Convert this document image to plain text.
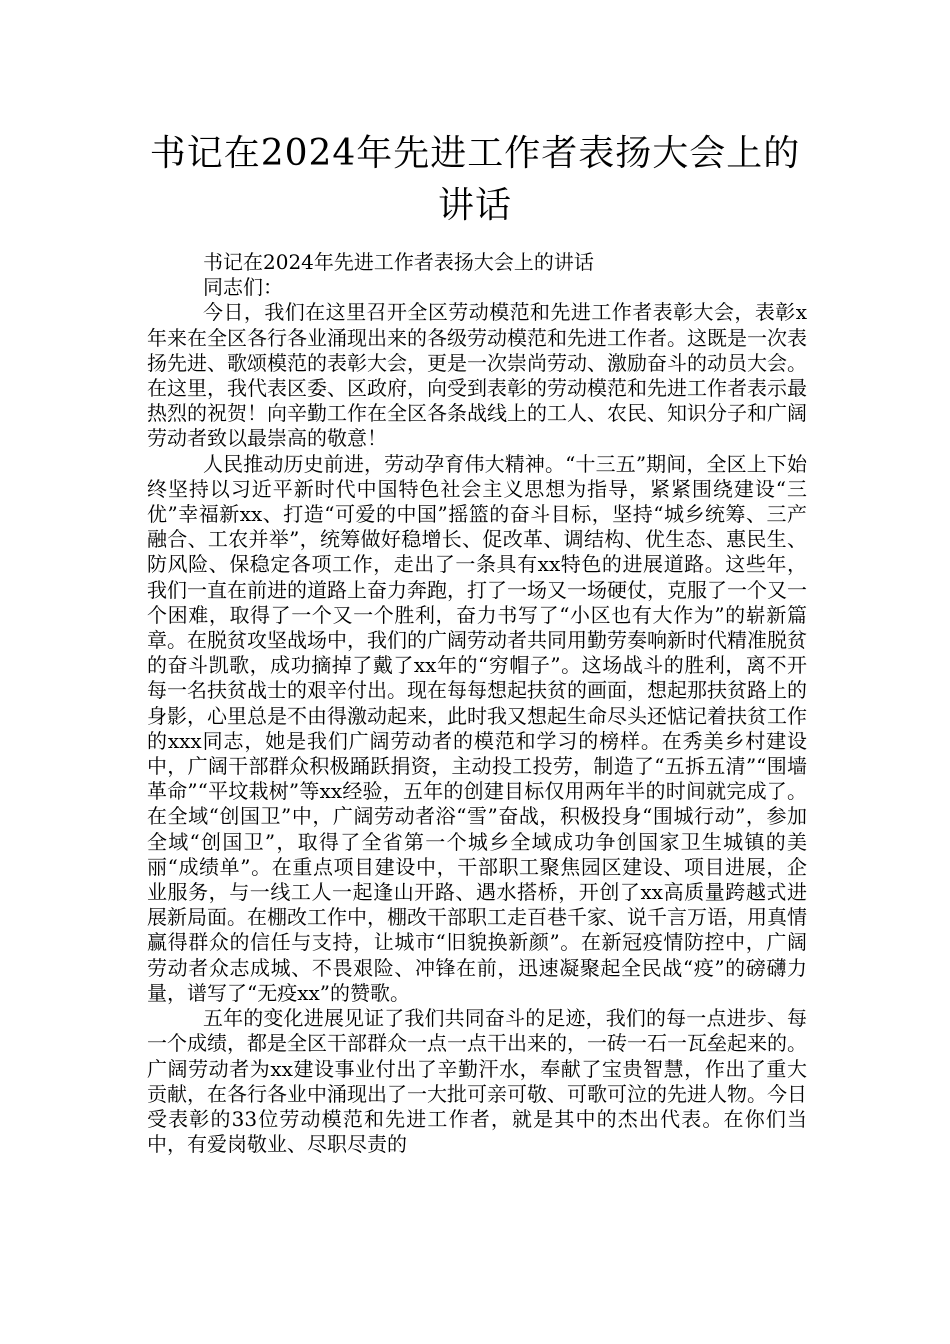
书记在2024年先进工作者表扬大会上的讲话

书记在2024年先进工作者表扬大会上的讲话

同志们：

今日，我们在这里召开全区劳动模范和先进工作者表彰大会，表彰x年来在全区各行各业涌现出来的各级劳动模范和先进工作者。这既是一次表扬先进、歌颂模范的表彰大会，更是一次崇尚劳动、激励奋斗的动员大会。在这里，我代表区委、区政府，向受到表彰的劳动模范和先进工作者表示最热烈的祝贺！向辛勤工作在全区各条战线上的工人、农民、知识分子和广阔劳动者致以最崇高的敬意！

人民推动历史前进，劳动孕育伟大精神。“十三五”期间，全区上下始终坚持以习近平新时代中国特色社会主义思想为指导，紧紧围绕建设“三优”幸福新xx、打造“可爱的中国”摇篮的奋斗目标，坚持“城乡统筹、三产融合、工农并举”，统筹做好稳增长、促改革、调结构、优生态、惠民生、防风险、保稳定各项工作，走出了一条具有xx特色的进展道路。这些年，我们一直在前进的道路上奋力奔跑，打了一场又一场硬仗，克服了一个又一个困难，取得了一个又一个胜利，奋力书写了“小区也有大作为”的崭新篇章。在脱贫攻坚战场中，我们的广阔劳动者共同用勤劳奏响新时代精准脱贫的奋斗凯歌，成功摘掉了戴了xx年的“穷帽子”。这场战斗的胜利，离不开每一名扶贫战士的艰辛付出。现在每每想起扶贫的画面，想起那扶贫路上的身影，心里总是不由得激动起来，此时我又想起生命尽头还惦记着扶贫工作的xxx同志，她是我们广阔劳动者的模范和学习的榜样。在秀美乡村建设中，广阔干部群众积极踊跃捐资，主动投工投劳，制造了“五拆五清”“围墙革命”“平坟栽树”等xx经验，五年的创建目标仅用两年半的时间就完成了。在全域“创国卫”中，广阔劳动者浴“雪”奋战，积极投身“围城行动”，参加全域“创国卫”，取得了全省第一个城乡全域成功争创国家卫生城镇的美丽“成绩单”。在重点项目建设中，干部职工聚焦园区建设、项目进展，企业服务，与一线工人一起逢山开路、遇水搭桥，开创了xx高质量跨越式进展新局面。在棚改工作中，棚改干部职工走百巷千家、说千言万语，用真情赢得群众的信任与支持，让城市“旧貌换新颜”。在新冠疫情防控中，广阔劳动者众志成城、不畏艰险、冲锋在前，迅速凝聚起全民战“疫”的磅礴力量，谱写了“无疫xx”的赞歌。

五年的变化进展见证了我们共同奋斗的足迹，我们的每一点进步、每一个成绩，都是全区干部群众一点一点干出来的，一砖一石一瓦垒起来的。广阔劳动者为xx建设事业付出了辛勤汗水，奉献了宝贵智慧，作出了重大贡献，在各行各业中涌现出了一大批可亲可敬、可歌可泣的先进人物。今日受表彰的33位劳动模范和先进工作者，就是其中的杰出代表。在你们当中，有爱岗敬业、尽职尽责的
